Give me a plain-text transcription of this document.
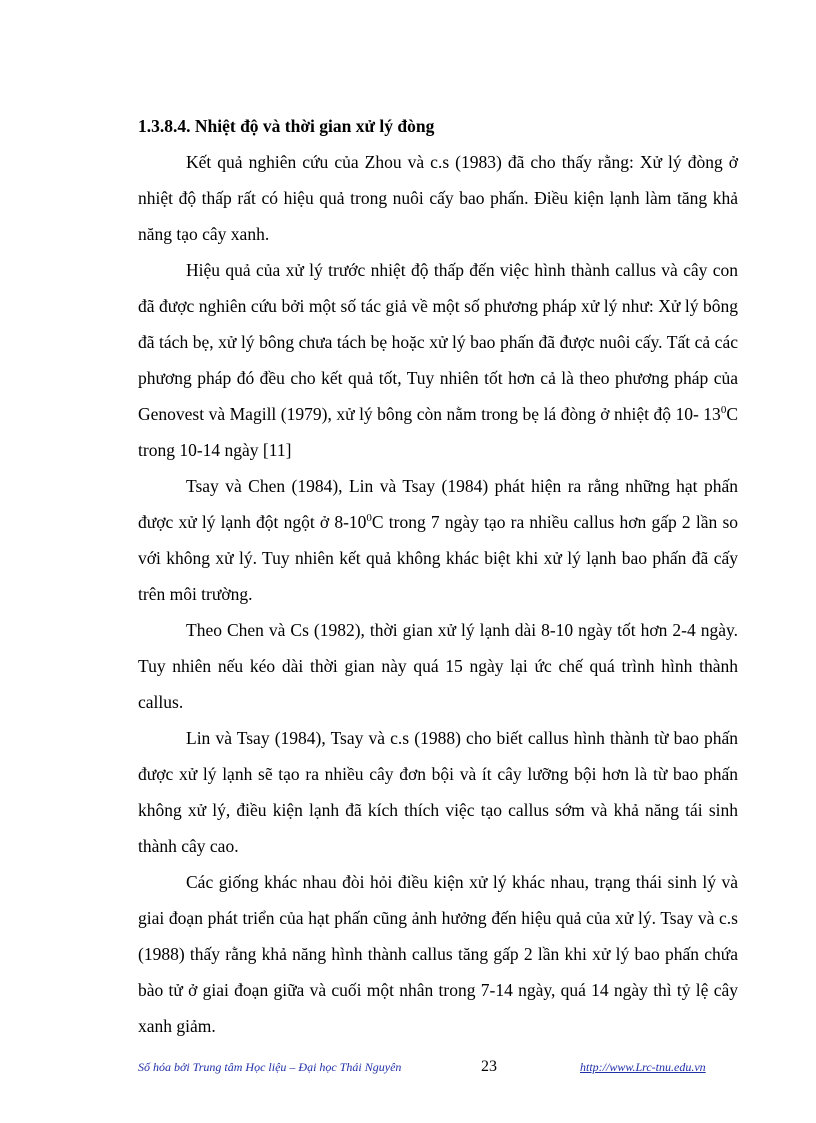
1.3.8.4. Nhiệt độ và thời gian xử lý đòng

Kết quả nghiên cứu của Zhou và c.s (1983) đã cho thấy rằng: Xử lý đòng ở nhiệt độ thấp rất có hiệu quả trong nuôi cấy bao phấn. Điều kiện lạnh làm tăng khả năng tạo cây xanh.

Hiệu quả của xử lý trước nhiệt độ thấp đến việc hình thành callus và cây con đã được nghiên cứu bởi một số tác giả về một số phương pháp xử lý như: Xử lý bông đã tách bẹ, xử lý bông chưa tách bẹ hoặc xử lý bao phấn đã được nuôi cấy. Tất cả các phương pháp đó đều cho kết quả tốt, Tuy nhiên tốt hơn cả là theo phương pháp của Genovest và Magill (1979), xử lý bông còn nằm trong bẹ lá đòng ở nhiệt độ 10- $13^0C$ trong 10-14 ngày [11]

Tsay và Chen (1984), Lin và Tsay (1984) phát hiện ra rằng những hạt phấn được xử lý lạnh đột ngột ở $8-10^0C$ trong 7 ngày tạo ra nhiều callus hơn gấp 2 lần so với không xử lý. Tuy nhiên kết quả không khác biệt khi xử lý lạnh bao phấn đã cấy trên môi trường.

Theo Chen và Cs (1982), thời gian xử lý lạnh dài 8-10 ngày tốt hơn 2-4 ngày. Tuy nhiên nếu kéo dài thời gian này quá 15 ngày lại ức chế quá trình hình thành callus.

Lin và Tsay (1984), Tsay và c.s (1988) cho biết callus hình thành từ bao phấn được xử lý lạnh sẽ tạo ra nhiều cây đơn bội và ít cây lưỡng bội hơn là từ bao phấn không xử lý, điều kiện lạnh đã kích thích việc tạo callus sớm và khả năng tái sinh thành cây cao.

Các giống khác nhau đòi hỏi điều kiện xử lý khác nhau, trạng thái sinh lý và giai đoạn phát triển của hạt phấn cũng ảnh hưởng đến hiệu quả của xử lý. Tsay và c.s (1988) thấy rằng khả năng hình thành callus tăng gấp 2 lần khi xử lý bao phấn chứa bào tử ở giai đoạn giữa và cuối một nhân trong 7-14 ngày, quá 14 ngày thì tỷ lệ cây xanh giảm.

Số hóa bởi Trung tâm Học liệu – Đại học Thái Nguyên	23	http://www.Lrc-tnu.edu.vn
